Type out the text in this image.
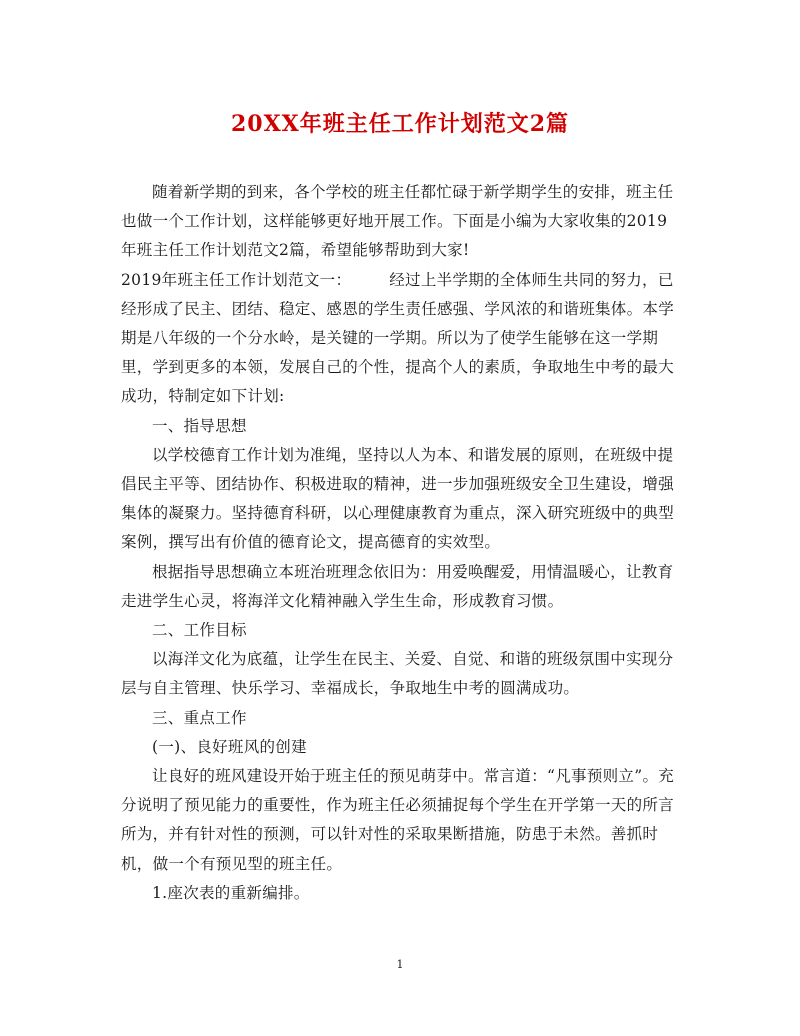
20XX年班主任工作计划范文2篇

随着新学期的到来，各个学校的班主任都忙碌于新学期学生的安排，班主任也做一个工作计划，这样能够更好地开展工作。下面是小编为大家收集的2019年班主任工作计划范文2篇，希望能够帮助到大家!

2019年班主任工作计划范文一： 经过上半学期的全体师生共同的努力，已经形成了民主、团结、稳定、感恩的学生责任感强、学风浓的和谐班集体。本学期是八年级的一个分水岭，是关键的一学期。所以为了使学生能够在这一学期里，学到更多的本领，发展自己的个性，提高个人的素质，争取地生中考的最大成功，特制定如下计划:

一、指导思想

以学校德育工作计划为准绳，坚持以人为本、和谐发展的原则，在班级中提倡民主平等、团结协作、积极进取的精神，进一步加强班级安全卫生建设，增强集体的凝聚力。坚持德育科研，以心理健康教育为重点，深入研究班级中的典型案例，撰写出有价值的德育论文，提高德育的实效型。

根据指导思想确立本班治班理念依旧为：用爱唤醒爱，用情温暖心，让教育走进学生心灵，将海洋文化精神融入学生生命，形成教育习惯。

二、工作目标

以海洋文化为底蕴，让学生在民主、关爱、自觉、和谐的班级氛围中实现分层与自主管理、快乐学习、幸福成长，争取地生中考的圆满成功。

三、重点工作

(一)、良好班风的创建

让良好的班风建设开始于班主任的预见萌芽中。常言道：“凡事预则立”。充分说明了预见能力的重要性，作为班主任必须捕捉每个学生在开学第一天的所言所为，并有针对性的预测，可以针对性的采取果断措施，防患于未然。善抓时机，做一个有预见型的班主任。

1.座次表的重新编排。

1
